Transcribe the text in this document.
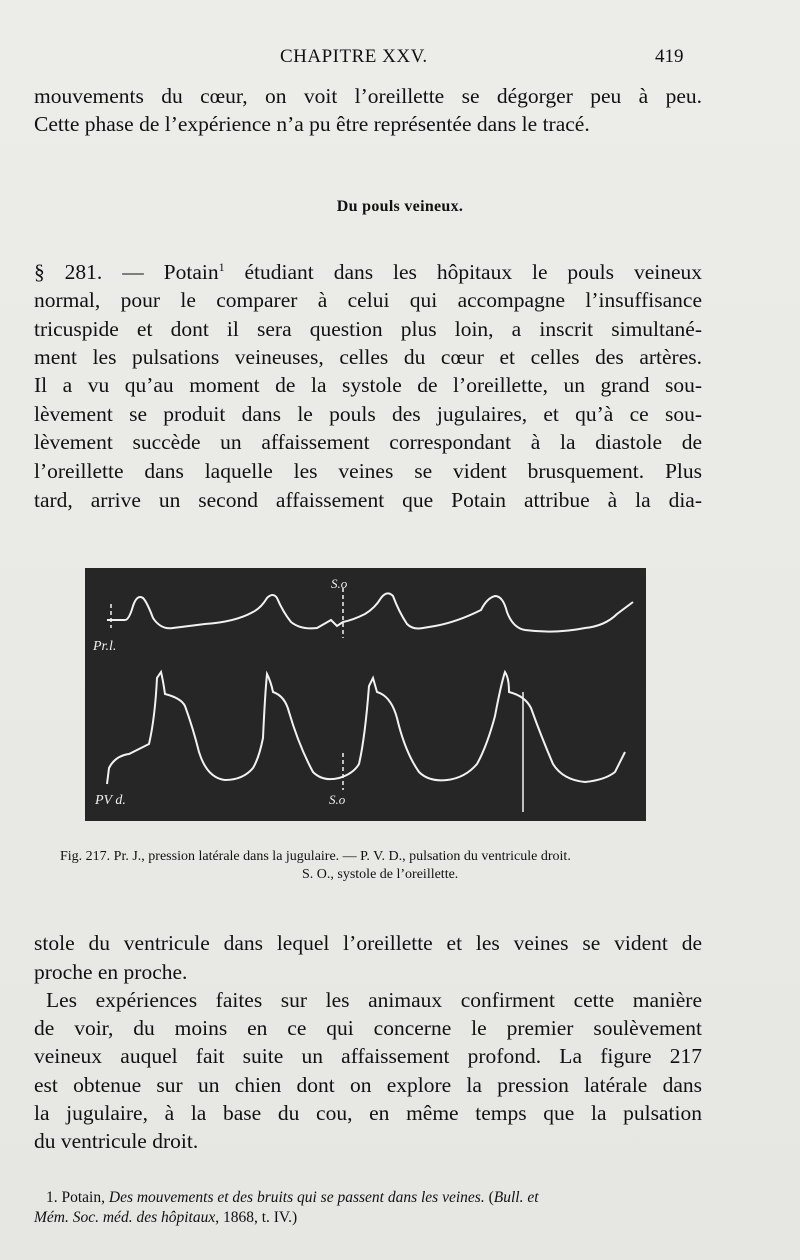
CHAPITRE XXV.	419
mouvements du cœur, on voit l’oreillette se dégorger peu à peu.
Cette phase de l’expérience n’a pu être représentée dans le tracé.
Du pouls veineux.
§ 281. — Potain$^1$ étudiant dans les hôpitaux le pouls veineux
normal, pour le comparer à celui qui accompagne l’insuffisance
tricuspide et dont il sera question plus loin, a inscrit simultané-
ment les pulsations veineuses, celles du cœur et celles des artères.
Il a vu qu’au moment de la systole de l’oreillette, un grand sou-
lèvement se produit dans le pouls des jugulaires, et qu’à ce sou-
lèvement succède un affaissement correspondant à la diastole de
l’oreillette dans laquelle les veines se vident brusquement. Plus
tard, arrive un second affaissement que Potain attribue à la dia-
Pr.l.
PV d.
S.o
S.o
Fig. 217. Pr. J., pression latérale dans la jugulaire. — P. V. D., pulsation du ventricule droit.
S. O., systole de l’oreillette.
stole du ventricule dans lequel l’oreillette et les veines se vident de
proche en proche.
Les expériences faites sur les animaux confirment cette manière
de voir, du moins en ce qui concerne le premier soulèvement
veineux auquel fait suite un affaissement profond. La figure 217
est obtenue sur un chien dont on explore la pression latérale dans
la jugulaire, à la base du cou, en même temps que la pulsation
du ventricule droit.
1. Potain, Des mouvements et des bruits qui se passent dans les veines. (Bull. et
Mém. Soc. méd. des hôpitaux, 1868, t. IV.)
